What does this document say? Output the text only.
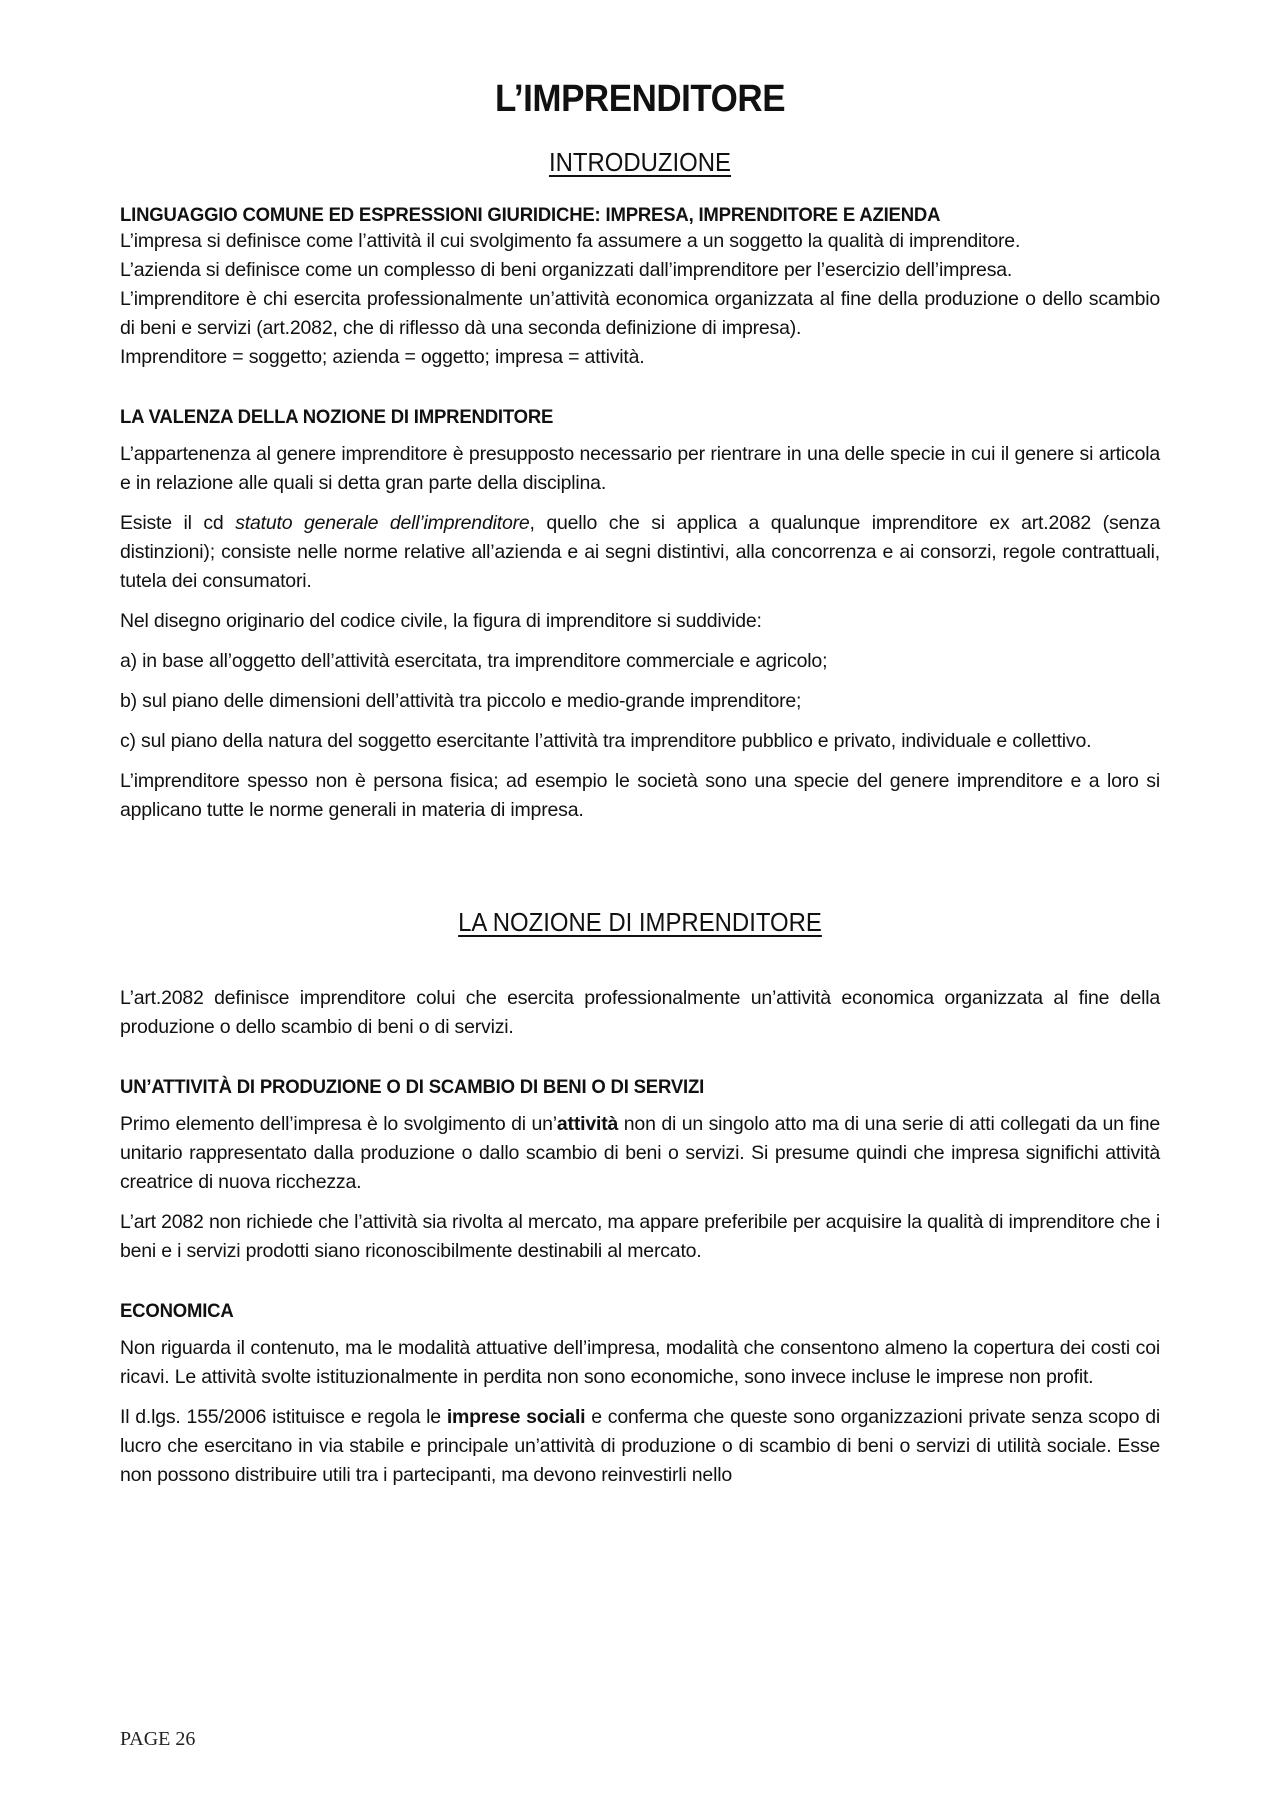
L’IMPRENDITORE
INTRODUZIONE
LINGUAGGIO COMUNE ED ESPRESSIONI GIURIDICHE: IMPRESA, IMPRENDITORE E AZIENDA

L’impresa si definisce come l’attività il cui svolgimento fa assumere a un soggetto la qualità di imprenditore.

L’azienda si definisce come un complesso di beni organizzati dall’imprenditore per l’esercizio dell’impresa.

L’imprenditore è chi esercita professionalmente un’attività economica organizzata al fine della produzione o dello scambio di beni e servizi (art.2082, che di riflesso dà una seconda definizione di impresa).

Imprenditore = soggetto; azienda = oggetto; impresa = attività.

LA VALENZA DELLA NOZIONE DI IMPRENDITORE

L’appartenenza al genere imprenditore è presupposto necessario per rientrare in una delle specie in cui il genere si articola e in relazione alle quali si detta gran parte della disciplina.

Esiste il cd statuto generale dell’imprenditore, quello che si applica a qualunque imprenditore ex art.2082 (senza distinzioni); consiste nelle norme relative all’azienda e ai segni distintivi, alla concorrenza e ai consorzi, regole contrattuali, tutela dei consumatori.

Nel disegno originario del codice civile, la figura di imprenditore si suddivide:

a) in base all’oggetto dell’attività esercitata, tra imprenditore commerciale e agricolo;

b) sul piano delle dimensioni dell’attività tra piccolo e medio-grande imprenditore;

c) sul piano della natura del soggetto esercitante l’attività tra imprenditore pubblico e privato, individuale e collettivo.

L’imprenditore spesso non è persona fisica; ad esempio le società sono una specie del genere imprenditore e a loro si applicano tutte le norme generali in materia di impresa.

LA NOZIONE DI IMPRENDITORE

L’art.2082 definisce imprenditore colui che esercita professionalmente un’attività economica organizzata al fine della produzione o dello scambio di beni o di servizi.

UN’ATTIVITÀ DI PRODUZIONE O DI SCAMBIO DI BENI O DI SERVIZI

Primo elemento dell’impresa è lo svolgimento di un’attività non di un singolo atto ma di una serie di atti collegati da un fine unitario rappresentato dalla produzione o dallo scambio di beni o servizi. Si presume quindi che impresa significhi attività creatrice di nuova ricchezza.

L’art 2082 non richiede che l’attività sia rivolta al mercato, ma appare preferibile per acquisire la qualità di imprenditore che i beni e i servizi prodotti siano riconoscibilmente destinabili al mercato.

ECONOMICA

Non riguarda il contenuto, ma le modalità attuative dell’impresa, modalità che consentono almeno la copertura dei costi coi ricavi. Le attività svolte istituzionalmente in perdita non sono economiche, sono invece incluse le imprese non profit.

Il d.lgs. 155/2006 istituisce e regola le imprese sociali e conferma che queste sono organizzazioni private senza scopo di lucro che esercitano in via stabile e principale un’attività di produzione o di scambio di beni o servizi di utilità sociale. Esse non possono distribuire utili tra i partecipanti, ma devono reinvestirli nello

PAGE 26
